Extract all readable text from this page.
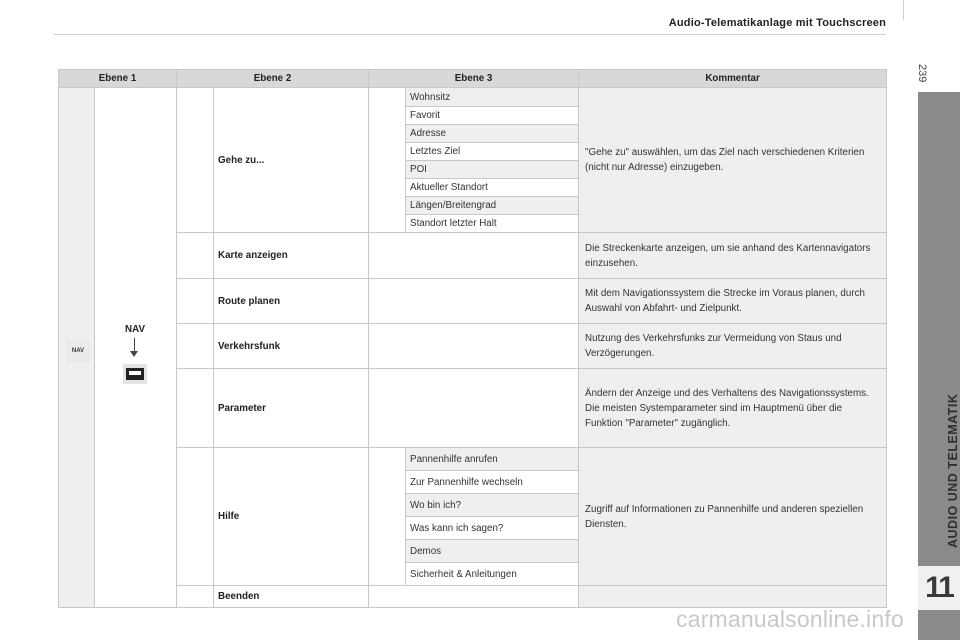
Audio-Telematikanlage mit Touchscreen
239
AUDIO UND TELEMATIK
11
Ebene 1		Ebene 2		Ebene 3		Kommentar
			Gehe zu...		Wohnsitz	"Gehe zu" auswählen, um das Ziel nach verschiedenen Kriterien (nicht nur Adresse) einzugeben.
					Favorit	
					Adresse	
					Letztes Ziel	
					POI	
					Aktueller Standort	
					Längen/Breitengrad	
					Standort letzter Halt	
			Karte anzeigen			Die Streckenkarte anzeigen, um sie anhand des Kartennavigators einzusehen.
			Route planen			Mit dem Navigationssystem die Strecke im Voraus planen, durch Auswahl von Abfahrt- und Zielpunkt.
			Verkehrsfunk			Nutzung des Verkehrsfunks zur Vermeidung von Staus und Verzögerungen.
			Parameter			Ändern der Anzeige und des Verhaltens des Navigationssystems.
Die meisten Systemparameter sind im Hauptmenü über die Funktion "Parameter" zugänglich.

			Hilfe		Pannenhilfe anrufen	Zugriff auf Informationen zu Pannenhilfe und anderen speziellen Diensten.
					Zur Pannenhilfe wechseln	
					Wo bin ich?	
					Was kann ich sagen?	
					Demos	
					Sicherheit & Anleitungen	
			Beenden			
NAV
NAV
carmanualsonline.info
